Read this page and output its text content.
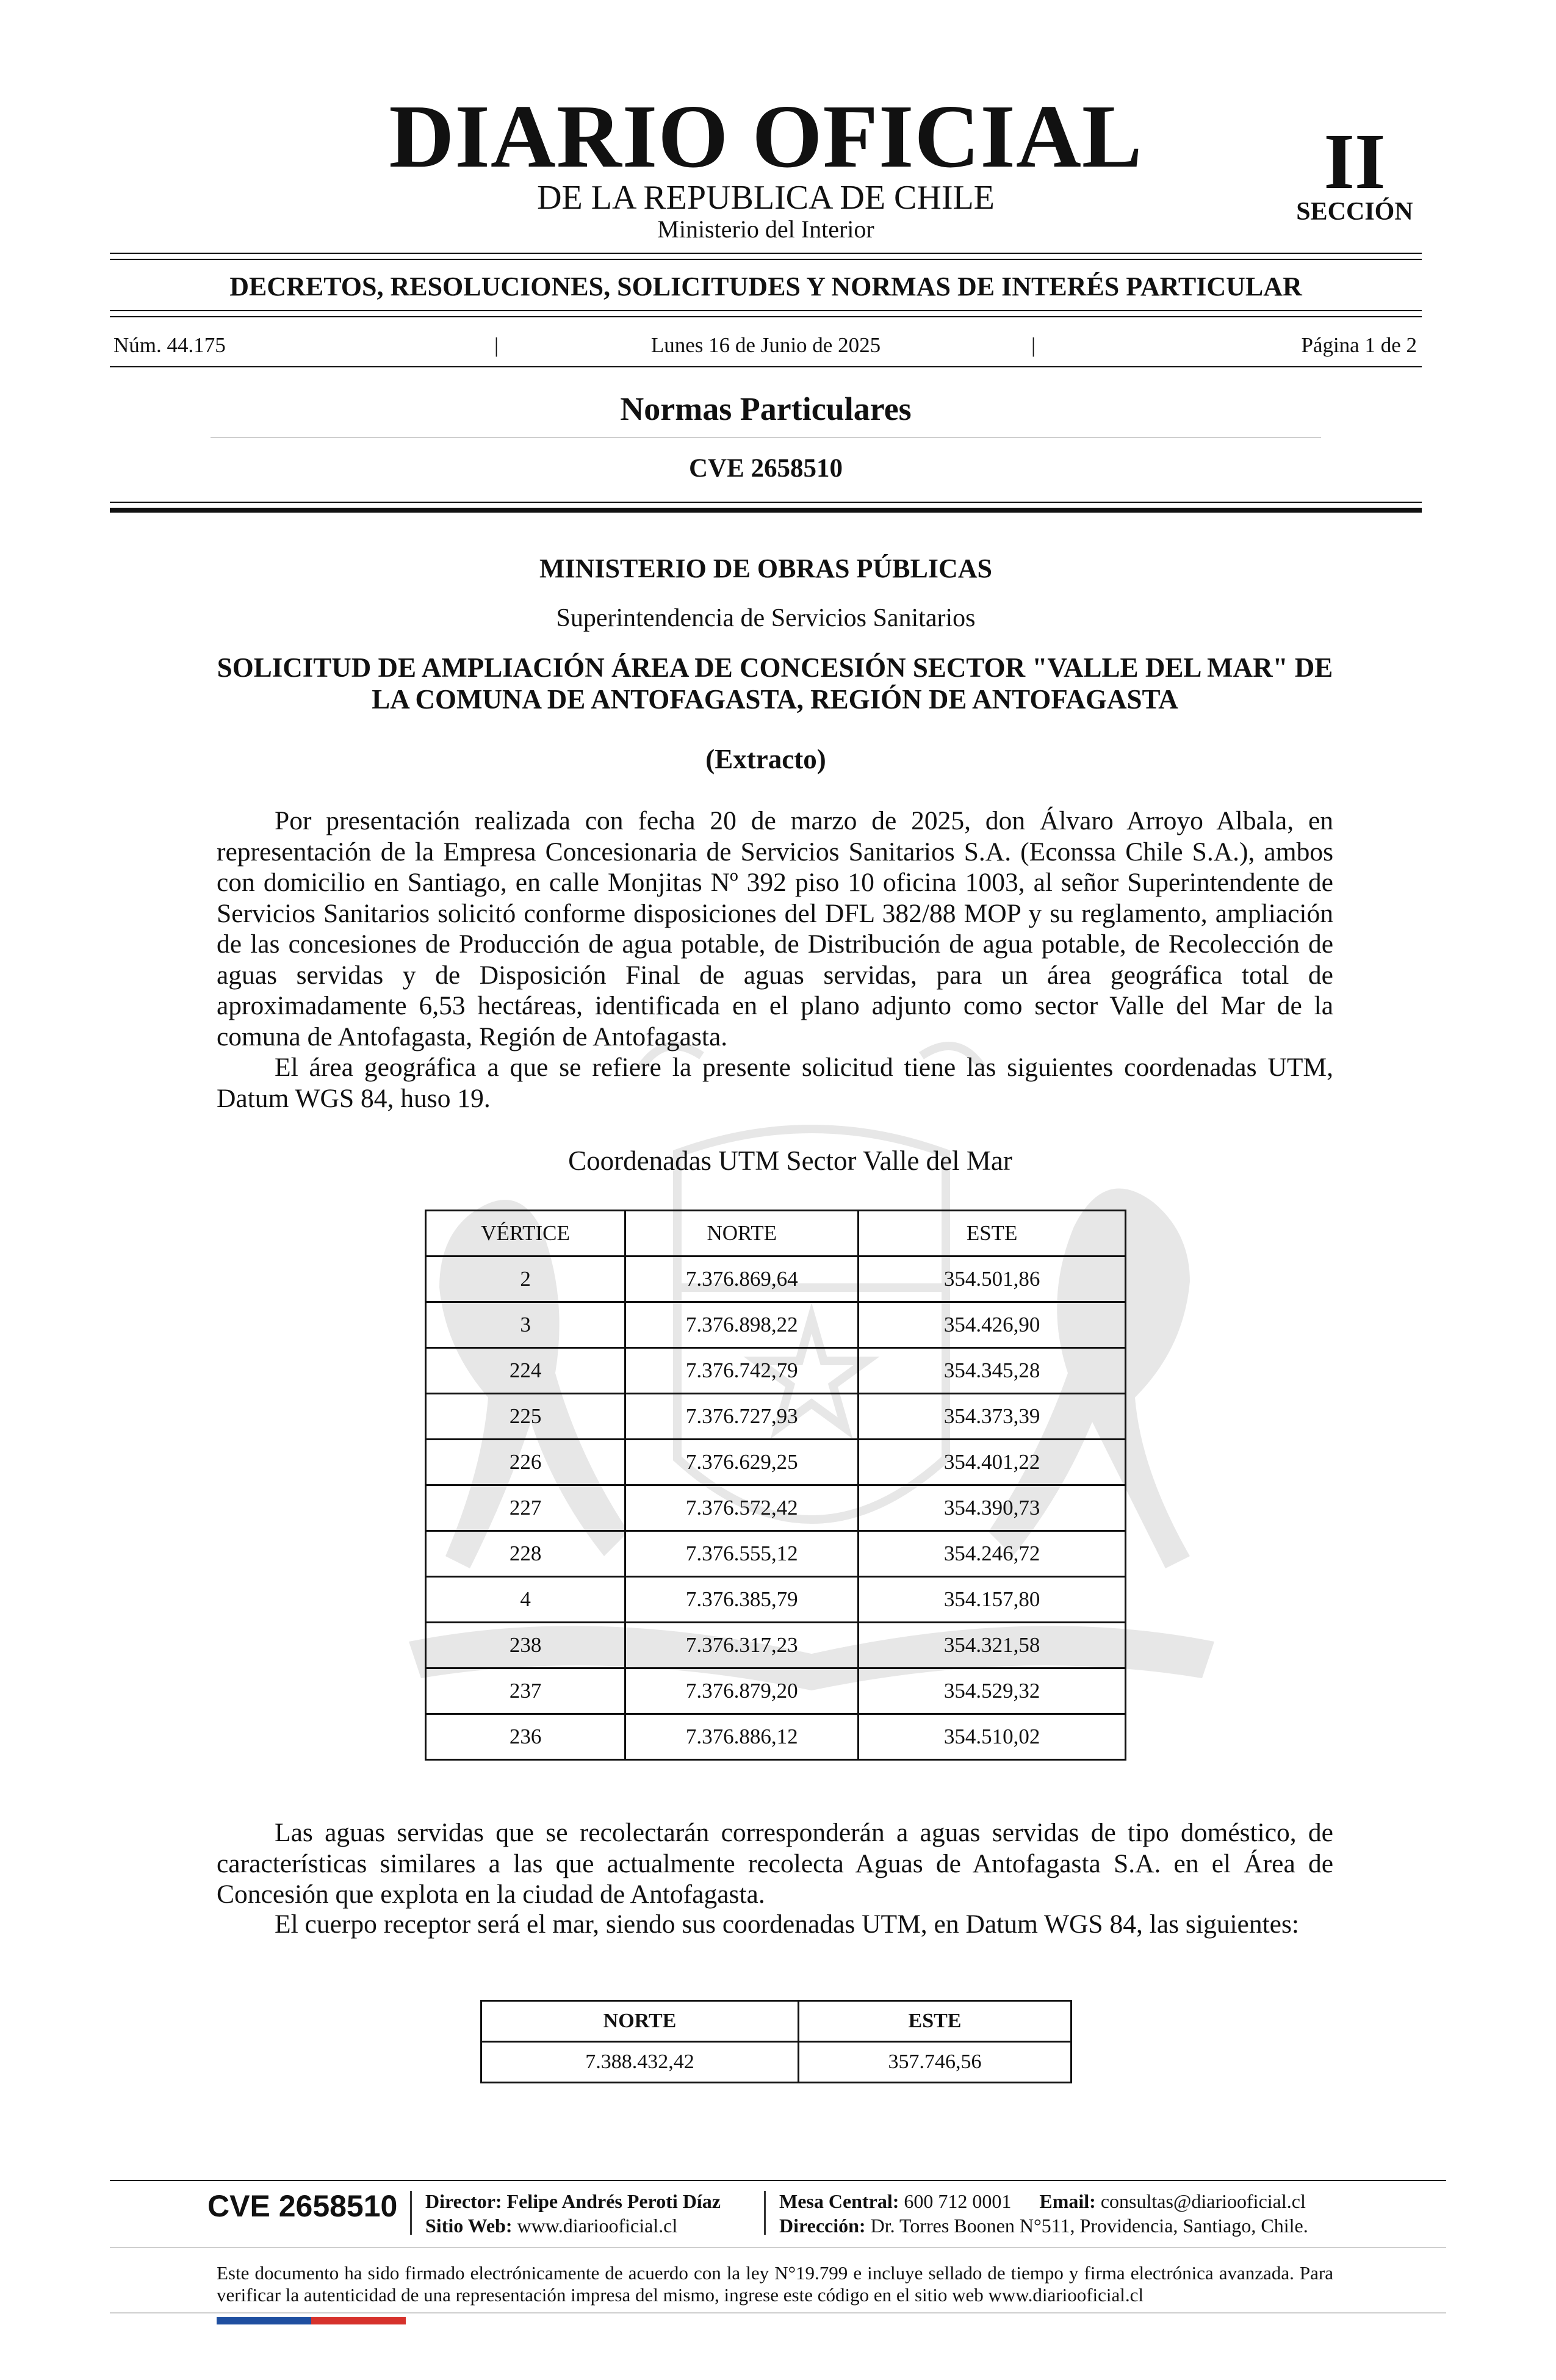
DIARIO OFICIAL
DE LA REPUBLICA DE CHILE
Ministerio del Interior
II
SECCIÓN
DECRETOS, RESOLUCIONES, SOLICITUDES Y NORMAS DE INTERÉS PARTICULAR
Núm. 44.175	|	Lunes 16 de Junio de 2025	|	Página 1 de 2
Normas Particulares
CVE 2658510
MINISTERIO DE OBRAS PÚBLICAS
Superintendencia de Servicios Sanitarios
SOLICITUD DE AMPLIACIÓN ÁREA DE CONCESIÓN SECTOR "VALLE DEL MAR" DE LA COMUNA DE ANTOFAGASTA, REGIÓN DE ANTOFAGASTA
(Extracto)

Por presentación realizada con fecha 20 de marzo de 2025, don Álvaro Arroyo Albala, en representación de la Empresa Concesionaria de Servicios Sanitarios S.A. (Econssa Chile S.A.), ambos con domicilio en Santiago, en calle Monjitas Nº 392 piso 10 oficina 1003, al señor Superintendente de Servicios Sanitarios solicitó conforme disposiciones del DFL 382/88 MOP y su reglamento, ampliación de las concesiones de Producción de agua potable, de Distribución de agua potable, de Recolección de aguas servidas y de Disposición Final de aguas servidas, para un área geográfica total de aproximadamente 6,53 hectáreas, identificada en el plano adjunto como sector Valle del Mar de la comuna de Antofagasta, Región de Antofagasta.

El área geográfica a que se refiere la presente solicitud tiene las siguientes coordenadas UTM, Datum WGS 84, huso 19.

Coordenadas UTM Sector Valle del Mar
VÉRTICE	NORTE	ESTE
2	7.376.869,64	354.501,86
3	7.376.898,22	354.426,90
224	7.376.742,79	354.345,28
225	7.376.727,93	354.373,39
226	7.376.629,25	354.401,22
227	7.376.572,42	354.390,73
228	7.376.555,12	354.246,72
4	7.376.385,79	354.157,80
238	7.376.317,23	354.321,58
237	7.376.879,20	354.529,32
236	7.376.886,12	354.510,02

Las aguas servidas que se recolectarán corresponderán a aguas servidas de tipo doméstico, de características similares a las que actualmente recolecta Aguas de Antofagasta S.A. en el Área de Concesión que explota en la ciudad de Antofagasta.

El cuerpo receptor será el mar, siendo sus coordenadas UTM, en Datum WGS 84, las siguientes:

NORTE	ESTE
7.388.432,42	357.746,56
CVE 2658510 Director: Felipe Andrés Peroti Díaz
Sitio Web: www.diariooficial.cl
Mesa Central: 600 712 0001 Email: consultas@diariooficial.cl
Dirección: Dr. Torres Boonen N°511, Providencia, Santiago, Chile.
Este documento ha sido firmado electrónicamente de acuerdo con la ley N°19.799 e incluye sellado de tiempo y firma electrónica avanzada. Para verificar la autenticidad de una representación impresa del mismo, ingrese este código en el sitio web www.diariooficial.cl
